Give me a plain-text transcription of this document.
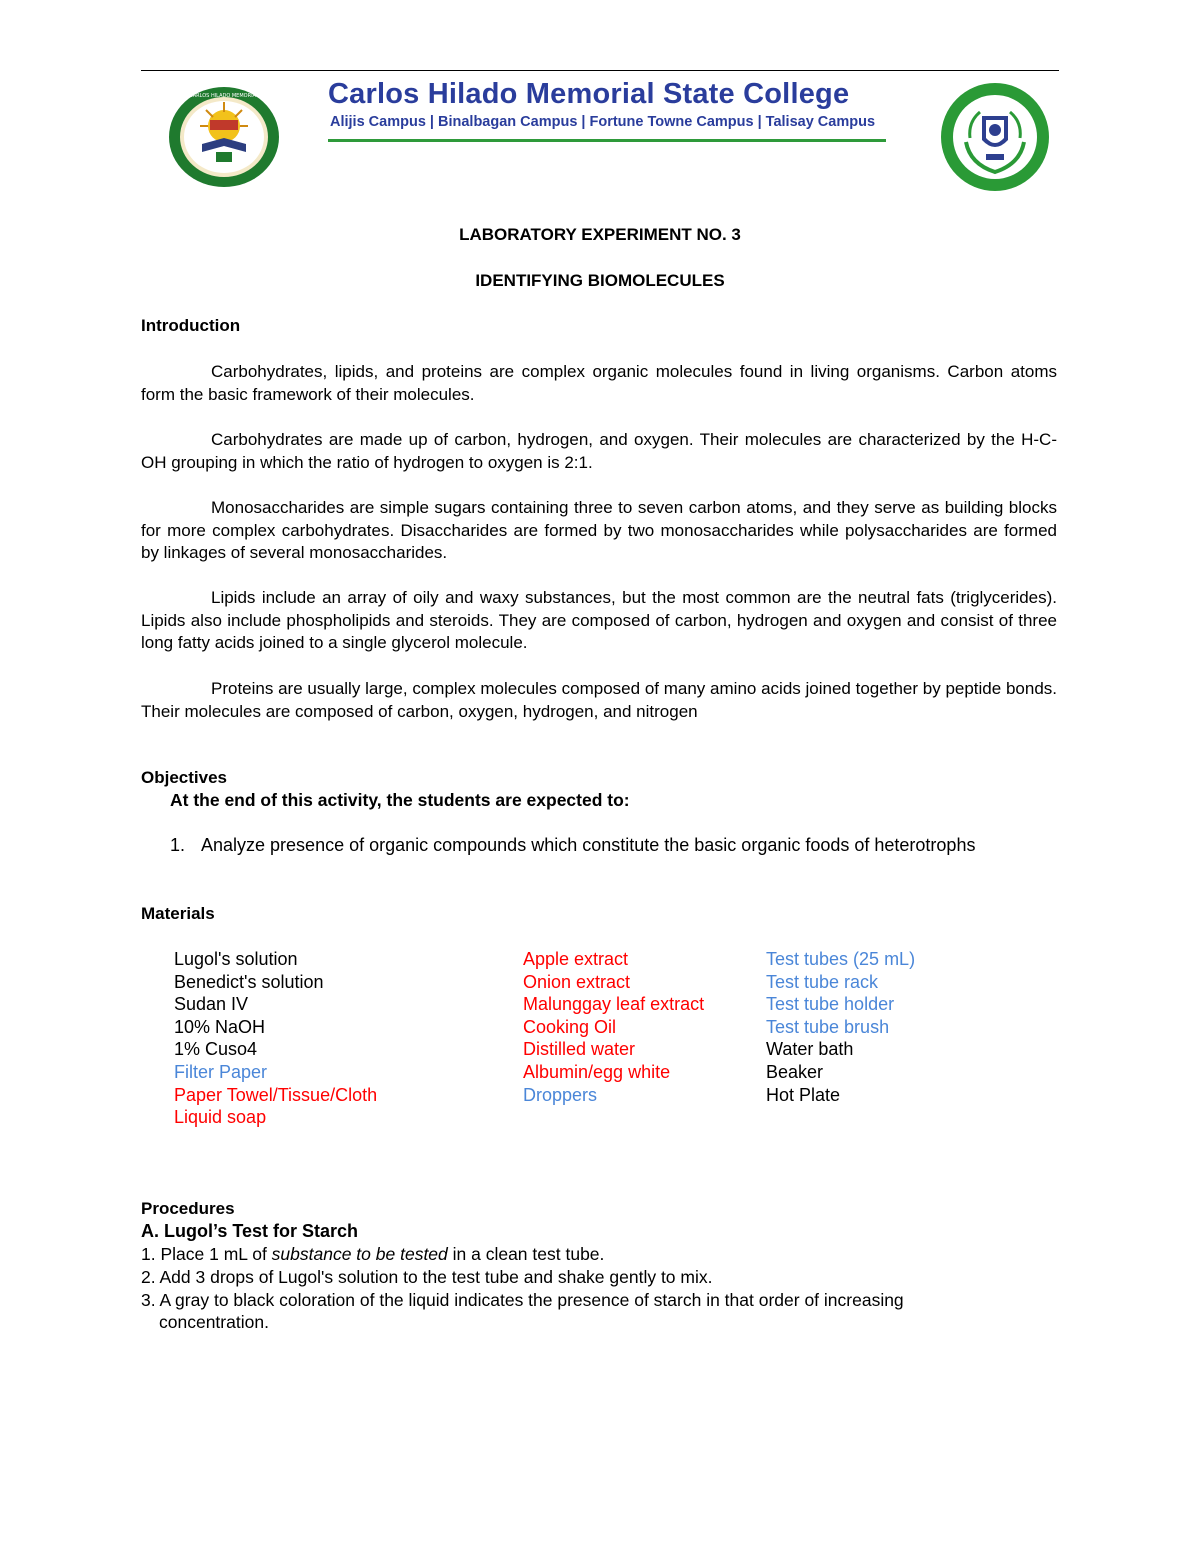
CARLOS HILADO MEMORIAL Carlos Hilado Memorial State College
Alijis Campus | Binalbagan Campus | Fortune Towne Campus | Talisay Campus
LABORATORY EXPERIMENT NO. 3
IDENTIFYING BIOMOLECULES
Introduction
Carbohydrates, lipids, and proteins are complex organic molecules found in living organisms. Carbon atoms form the basic framework of their molecules.
Carbohydrates are made up of carbon, hydrogen, and oxygen. Their molecules are characterized by the H-C-OH grouping in which the ratio of hydrogen to oxygen is 2:1.
Monosaccharides are simple sugars containing three to seven carbon atoms, and they serve as building blocks for more complex carbohydrates. Disaccharides are formed by two monosaccharides while polysaccharides are formed by linkages of several monosaccharides.
Lipids include an array of oily and waxy substances, but the most common are the neutral fats (triglycerides). Lipids also include phospholipids and steroids. They are composed of carbon, hydrogen and oxygen and consist of three long fatty acids joined to a single glycerol molecule.
Proteins are usually large, complex molecules composed of many amino acids joined together by peptide bonds. Their molecules are composed of carbon, oxygen, hydrogen, and nitrogen
Objectives
At the end of this activity, the students are expected to:
1. Analyze presence of organic compounds which constitute the basic organic foods of heterotrophs
Materials
Lugol's solution
Benedict's solution
Sudan IV
10% NaOH
1% Cuso4
Filter Paper
Paper Towel/Tissue/Cloth
Liquid soap
Apple extract
Onion extract
Malunggay leaf extract
Cooking Oil
Distilled water
Albumin/egg white
Droppers
Test tubes (25 mL)
Test tube rack
Test tube holder
Test tube brush
Water bath
Beaker
Hot Plate
Procedures
A. Lugol’s Test for Starch
1. Place 1 mL of substance to be tested in a clean test tube.
2. Add 3 drops of Lugol's solution to the test tube and shake gently to mix.
3. A gray to black coloration of the liquid indicates the presence of starch in that order of increasing
concentration.
